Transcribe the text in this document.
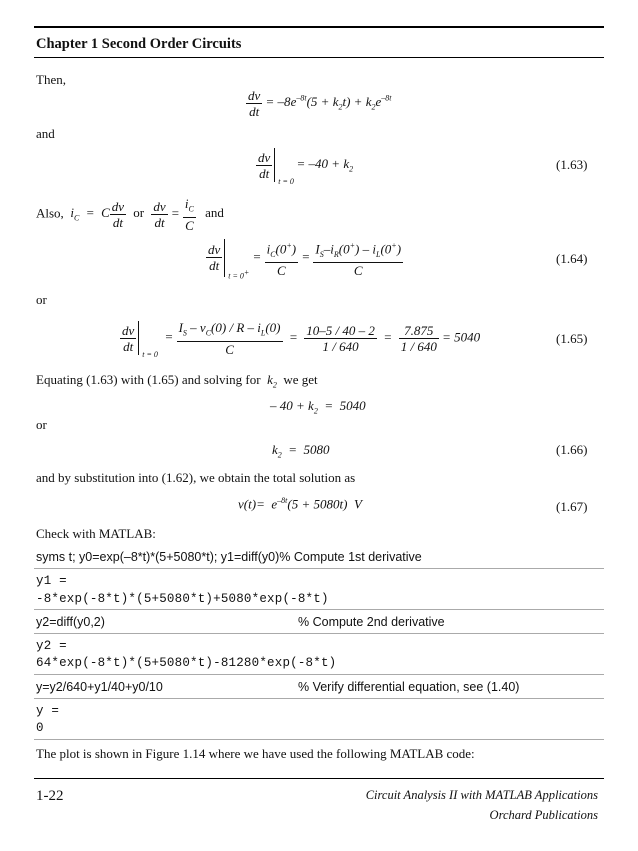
Chapter 1 Second Order Circuits
Then,
$\frac{dv}{dt} = -8e^{-8t}(5 + k_2t) + k_2e^{-8t}$
and
$\frac{dv}{dt}$
t = 0
= $-40 + k_2$	(1.63)
Also, $i_C = C \frac{dv}{dt}$ or $\frac{dv}{dt} = \frac{i_C}{C}$ and
$\frac{dv}{dt}$
t = 0+
= $\frac{i_C(0^+)}{C} = \frac{I_S-i_R(0^+) - i_L(0^+)}{C}$	(1.64)
or
$\frac{dv}{dt}$
t = 0
= $\frac{I_S - v_C(0) / R - i_L(0)}{C} = \frac{10-5 / 40 - 2}{1 / 640} = \frac{7.875}{1 / 640} = 5040$	(1.65)
Equating (1.63) with (1.65) and solving for $k_2$ we get
– $40 + k_2 = 5040$
or
$k_2 = 5080$	(1.66)
and by substitution into (1.62), we obtain the total solution as
$v(t)= e^{-8t}(5 + 5080t)$  V	(1.67)
Check with MATLAB:
syms t; y0=exp(–8*t)*(5+5080*t); y1=diff(y0)% Compute 1st derivative
y1 =
-8*exp(-8*t)*(5+5080*t)+5080*exp(-8*t)
y2=diff(y0,2)	% Compute 2nd derivative
y2 =
64*exp(-8*t)*(5+5080*t)-81280*exp(-8*t)
y=y2/640+y1/40+y0/10	% Verify differential equation, see (1.40)
y =
0
The plot is shown in Figure 1.14 where we have used the following MATLAB code:
1-22	Circuit Analysis II with MATLAB Applications
Orchard Publications
